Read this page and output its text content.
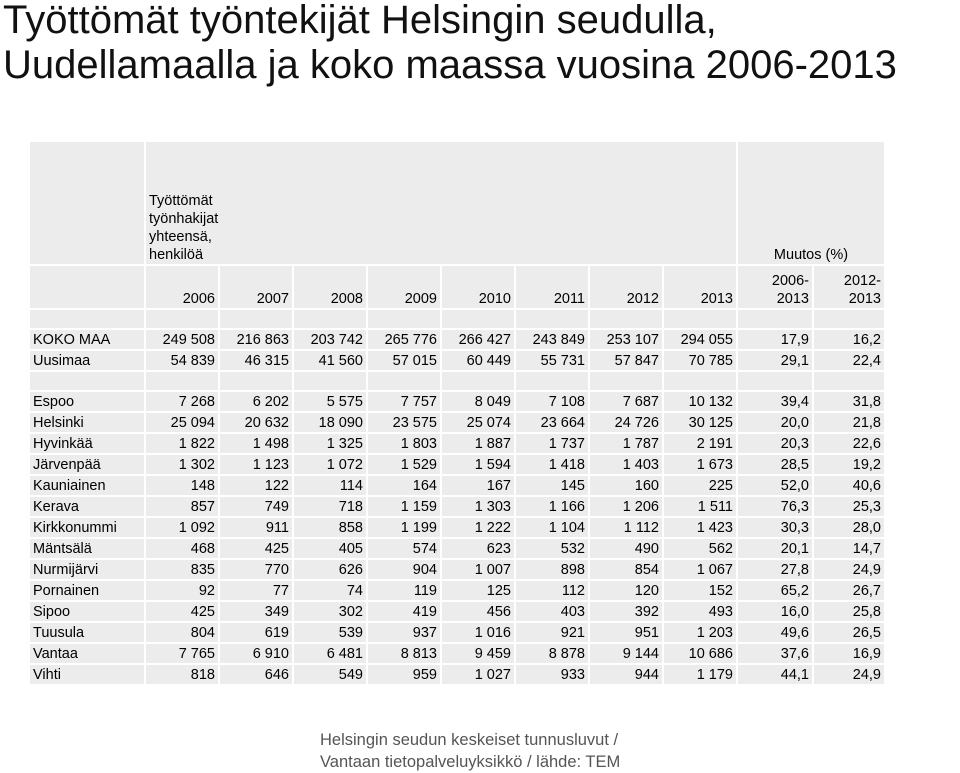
Työttömät työntekijät Helsingin seudulla,
Uudellamaalla ja koko maassa vuosina 2006-2013

	Työttömät työnhakijat yhteensä, henkilöä								Muutos (%)	
	2006	2007	2008	2009	2010	2011	2012	2013	2006-2013	2012-2013

KOKO MAA	249 508	216 863	203 742	265 776	266 427	243 849	253 107	294 055	17,9	16,2
Uusimaa	54 839	46 315	41 560	57 015	60 449	55 731	57 847	70 785	29,1	22,4

Espoo	7 268	6 202	5 575	7 757	8 049	7 108	7 687	10 132	39,4	31,8
Helsinki	25 094	20 632	18 090	23 575	25 074	23 664	24 726	30 125	20,0	21,8
Hyvinkää	1 822	1 498	1 325	1 803	1 887	1 737	1 787	2 191	20,3	22,6
Järvenpää	1 302	1 123	1 072	1 529	1 594	1 418	1 403	1 673	28,5	19,2
Kauniainen	148	122	114	164	167	145	160	225	52,0	40,6
Kerava	857	749	718	1 159	1 303	1 166	1 206	1 511	76,3	25,3
Kirkkonummi	1 092	911	858	1 199	1 222	1 104	1 112	1 423	30,3	28,0
Mäntsälä	468	425	405	574	623	532	490	562	20,1	14,7
Nurmijärvi	835	770	626	904	1 007	898	854	1 067	27,8	24,9
Pornainen	92	77	74	119	125	112	120	152	65,2	26,7
Sipoo	425	349	302	419	456	403	392	493	16,0	25,8
Tuusula	804	619	539	937	1 016	921	951	1 203	49,6	26,5
Vantaa	7 765	6 910	6 481	8 813	9 459	8 878	9 144	10 686	37,6	16,9
Vihti	818	646	549	959	1 027	933	944	1 179	44,1	24,9
Helsingin seudun keskeiset tunnusluvut /
Vantaan tietopalveluyksikkö / lähde: TEM
